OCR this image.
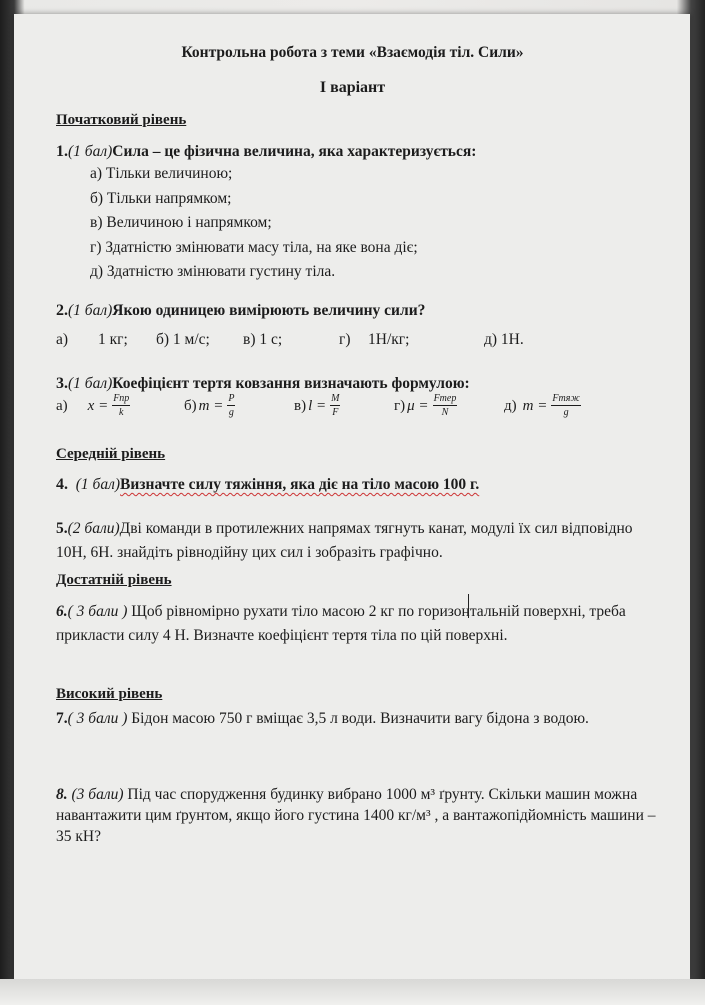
Контрольна робота з теми «Взаємодія тіл. Сили»
І варіант
Початковий рівень
1.(1 бал)Сила – це фізична величина, яка характеризується:
а) Тільки величиною;
б) Тільки напрямком;
в) Величиною і напрямком;
г) Здатністю змінювати масу тіла, на яке вона діє;
д) Здатністю змінювати густину тіла.
2.(1 бал)Якою одиницею вимірюють величину сили?
а) 1 кг; б) 1 м/с; в) 1 с;	г) 1Н/кг;	д) 1Н.
3.(1 бал)Коефіцієнт тертя ковзання визначають формулою:
а) $x = \frac{\text{Fпр}}{k}$	б) $m = \frac{P}{g}$	в) $l = \frac{M}{F}$	г) $\mu = \frac{\text{Fтер}}{N}$	д) $m = \frac{\text{Fтяж}}{g}$
Середній рівень
4. (1 бал)Визначте силу тяжіння, яка діє на тіло масою 100 г.
5.(2 бали)Дві команди в протилежних напрямах тягнуть канат, модулі їх сил відповідно 10Н, 6Н. знайдіть рівнодійну цих сил і зобразіть графічно.
Достатній рівень
6.( 3 бали ) Щоб рівномірно рухати тіло масою 2 кг по горизонтальній поверхні, треба прикласти силу 4 Н. Визначте коефіцієнт тертя тіла по цій поверхні.
Високий рівень
7.( 3 бали ) Бідон масою 750 г вміщає 3,5 л води. Визначити вагу бідона з водою.
8. (3 бали) Під час спорудження будинку вибрано 1000 м³ ґрунту. Скільки машин можна навантажити цим ґрунтом, якщо його густина 1400 кг/м³ , а вантажопідйомність машини – 35 кН?
